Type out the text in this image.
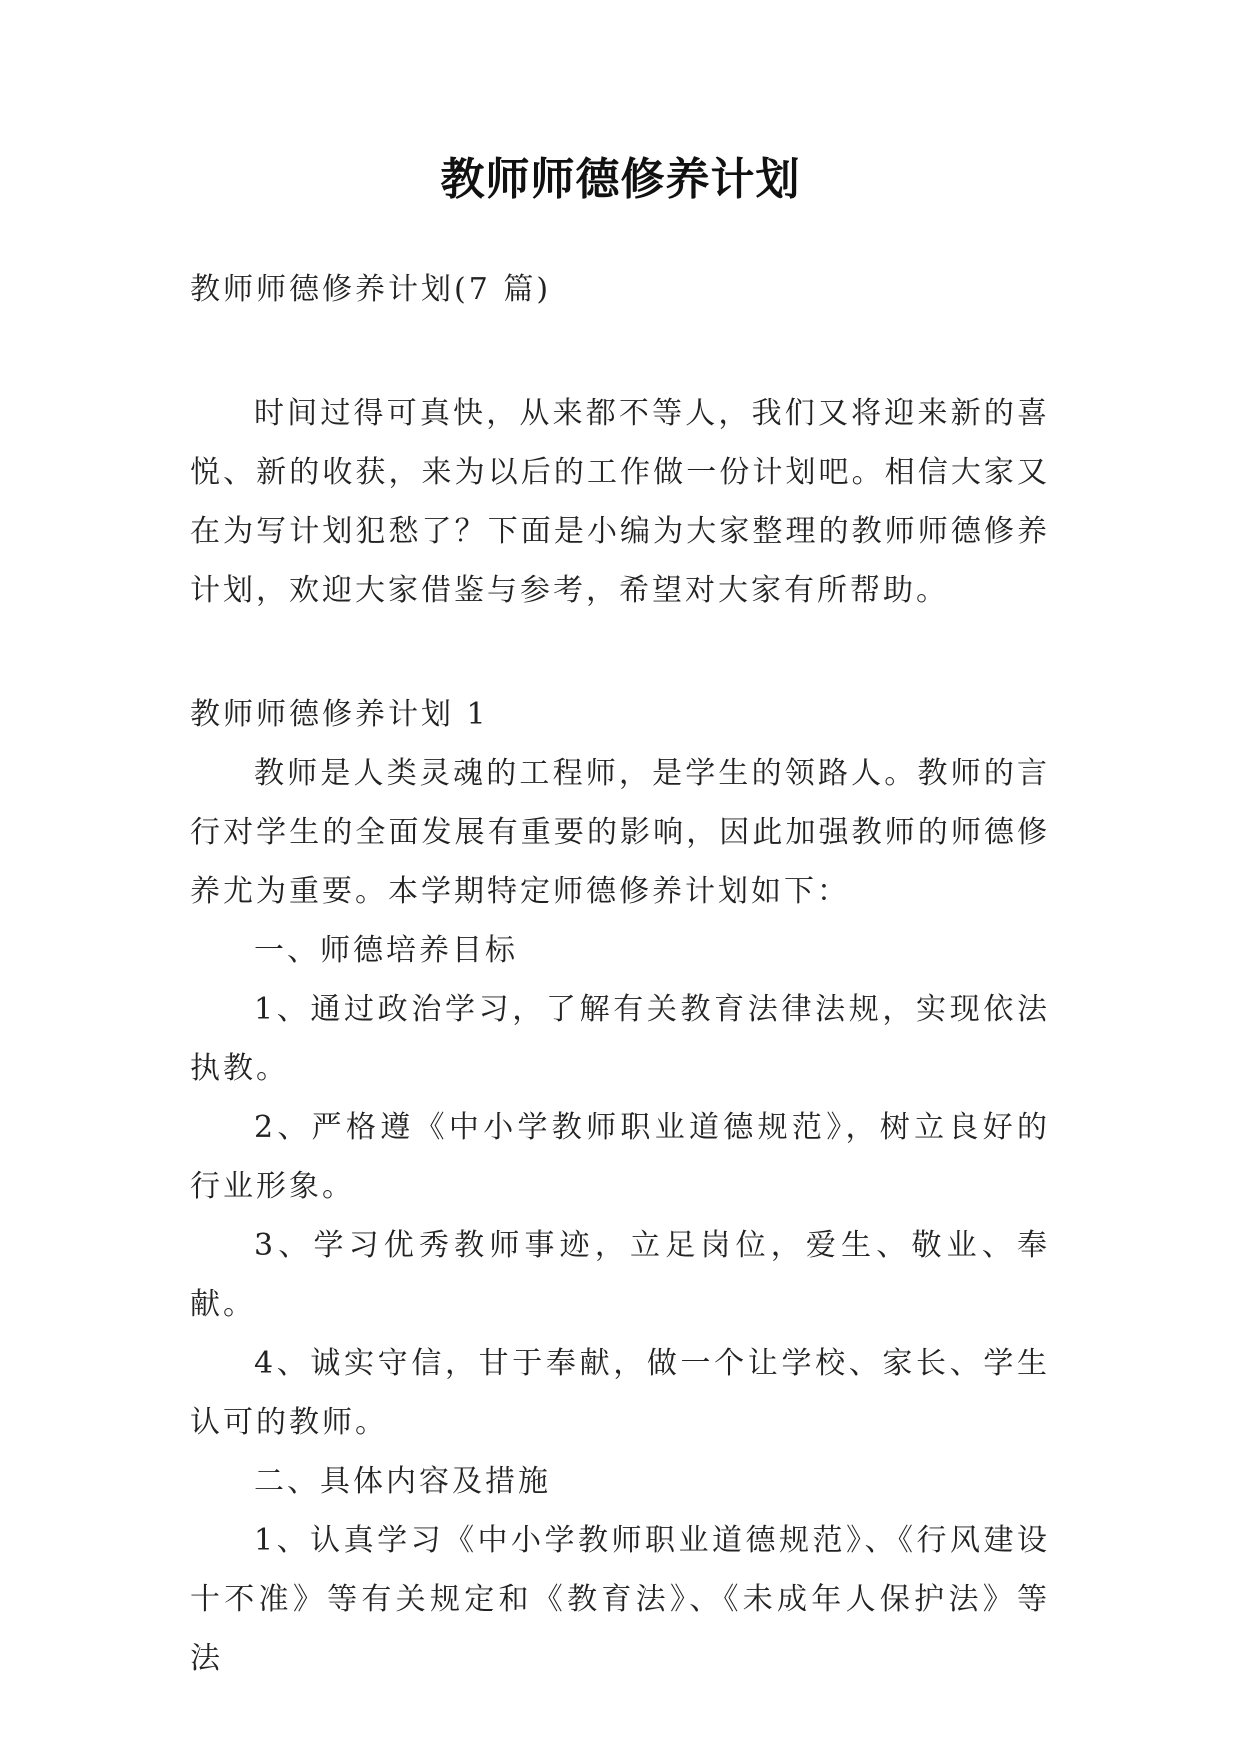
教师师德修养计划

教师师德修养计划(7 篇)

时间过得可真快，从来都不等人，我们又将迎来新的喜悦、新的收获，来为以后的工作做一份计划吧。相信大家又在为写计划犯愁了？下面是小编为大家整理的教师师德修养计划，欢迎大家借鉴与参考，希望对大家有所帮助。

教师师德修养计划 1

教师是人类灵魂的工程师，是学生的领路人。教师的言行对学生的全面发展有重要的影响，因此加强教师的师德修养尤为重要。本学期特定师德修养计划如下：

一、师德培养目标

1、通过政治学习，了解有关教育法律法规，实现依法执教。

2、严格遵《中小学教师职业道德规范》，树立良好的行业形象。

3、学习优秀教师事迹，立足岗位，爱生、敬业、奉献。

4、诚实守信，甘于奉献，做一个让学校、家长、学生认可的教师。

二、具体内容及措施

1、认真学习《中小学教师职业道德规范》、《行风建设十不准》等有关规定和《教育法》、《未成年人保护法》等法
